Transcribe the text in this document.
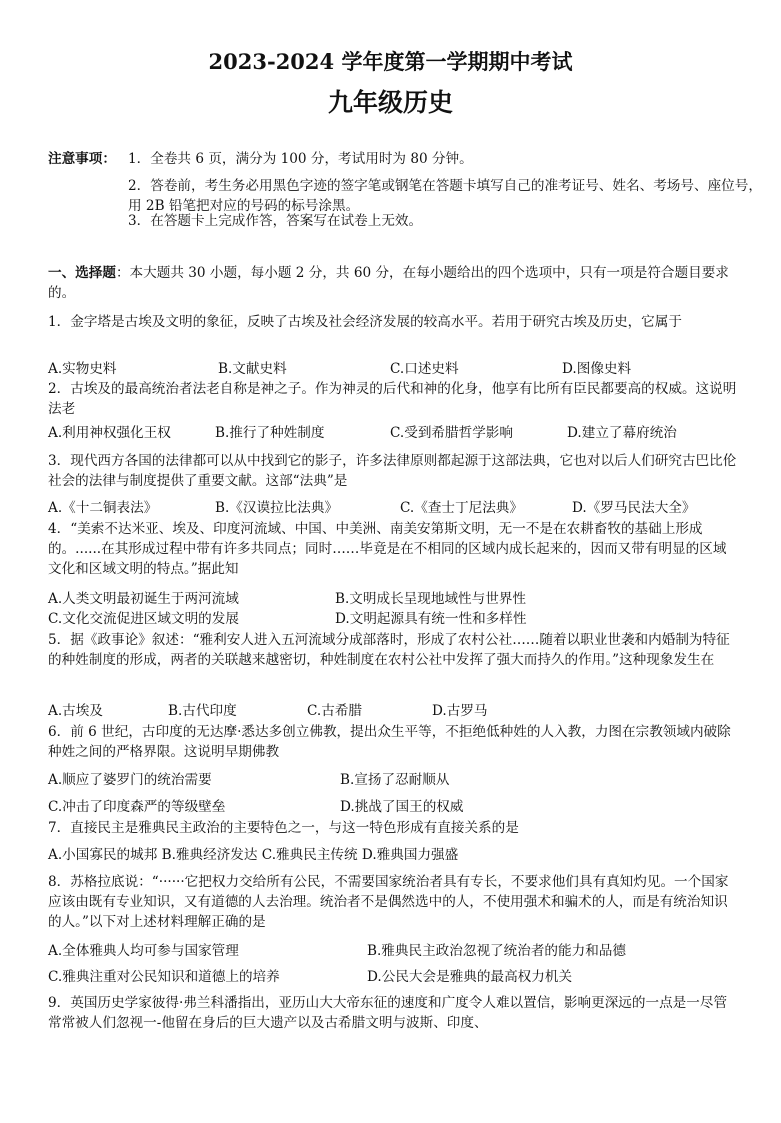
2023-2024 学年度第一学期期中考试
九年级历史
注意事项： 1．全卷共 6 页，满分为 100 分，考试用时为 80 分钟。
2．答卷前，考生务必用黑色字迹的签字笔或钢笔在答题卡填写自己的准考证号、姓名、考场号、座位号，用 2B 铅笔把对应的号码的标号涂黑。
3．在答题卡上完成作答，答案写在试卷上无效。
一、选择题：本大题共 30 小题，每小题 2 分，共 60 分，在每小题给出的四个选项中，只有一项是符合题目要求的。
1．金字塔是古埃及文明的象征，反映了古埃及社会经济发展的较高水平。若用于研究古埃及历史，它属于
A.实物史料	B.文献史料	C.口述史料	D.图像史料
2．古埃及的最高统治者法老自称是神之子。作为神灵的后代和神的化身，他享有比所有臣民都要高的权威。这说明法老
A.利用神权强化王权	B.推行了种姓制度	C.受到希腊哲学影响	D.建立了幕府统治
3．现代西方各国的法律都可以从中找到它的影子，许多法律原则都起源于这部法典，它也对以后人们研究古巴比伦社会的法律与制度提供了重要文献。这部“法典”是
A.《十二铜表法》	B.《汉谟拉比法典》	C.《查士丁尼法典》	D.《罗马民法大全》
4．“美索不达米亚、埃及、印度河流域、中国、中美洲、南美安第斯文明，无一不是在农耕畜牧的基础上形成的。......在其形成过程中带有许多共同点；同时……毕竟是在不相同的区域内成长起来的，因而又带有明显的区域文化和区域文明的特点。”据此知
A.人类文明最初诞生于两河流域	B.文明成长呈现地域性与世界性
C.文化交流促进区域文明的发展	D.文明起源具有统一性和多样性
5．据《政事论》叙述：“雅利安人进入五河流域分成部落时，形成了农村公社……随着以职业世袭和内婚制为特征的种姓制度的形成，两者的关联越来越密切，种姓制度在农村公社中发挥了强大而持久的作用。”这种现象发生在
A.古埃及	B.古代印度	C.古希腊	D.古罗马
6．前 6 世纪，古印度的无达摩·悉达多创立佛教，提出众生平等，不拒绝低种姓的人入教，力图在宗教领域内破除种姓之间的严格界限。这说明早期佛教
A.顺应了婆罗门的统治需要	B.宣扬了忍耐顺从
C.冲击了印度森严的等级壁垒	D.挑战了国王的权威
7．直接民主是雅典民主政治的主要特色之一，与这一特色形成有直接关系的是
A.小国寡民的城邦 B.雅典经济发达 C.雅典民主传统 D.雅典国力强盛
8．苏格拉底说：“······它把权力交给所有公民，不需要国家统治者具有专长，不要求他们具有真知灼见。一个国家应该由既有专业知识，又有道德的人去治理。统治者不是偶然选中的人，不使用强术和骗术的人，而是有统治知识的人。”以下对上述材料理解正确的是
A.全体雅典人均可参与国家管理	B.雅典民主政治忽视了统治者的能力和品德
C.雅典注重对公民知识和道德上的培养	D.公民大会是雅典的最高权力机关
9．英国历史学家彼得·弗兰科潘指出，亚历山大大帝东征的速度和广度令人难以置信，影响更深远的一点是一尽管常常被人们忽视一-他留在身后的巨大遗产以及古希腊文明与波斯、印度、
